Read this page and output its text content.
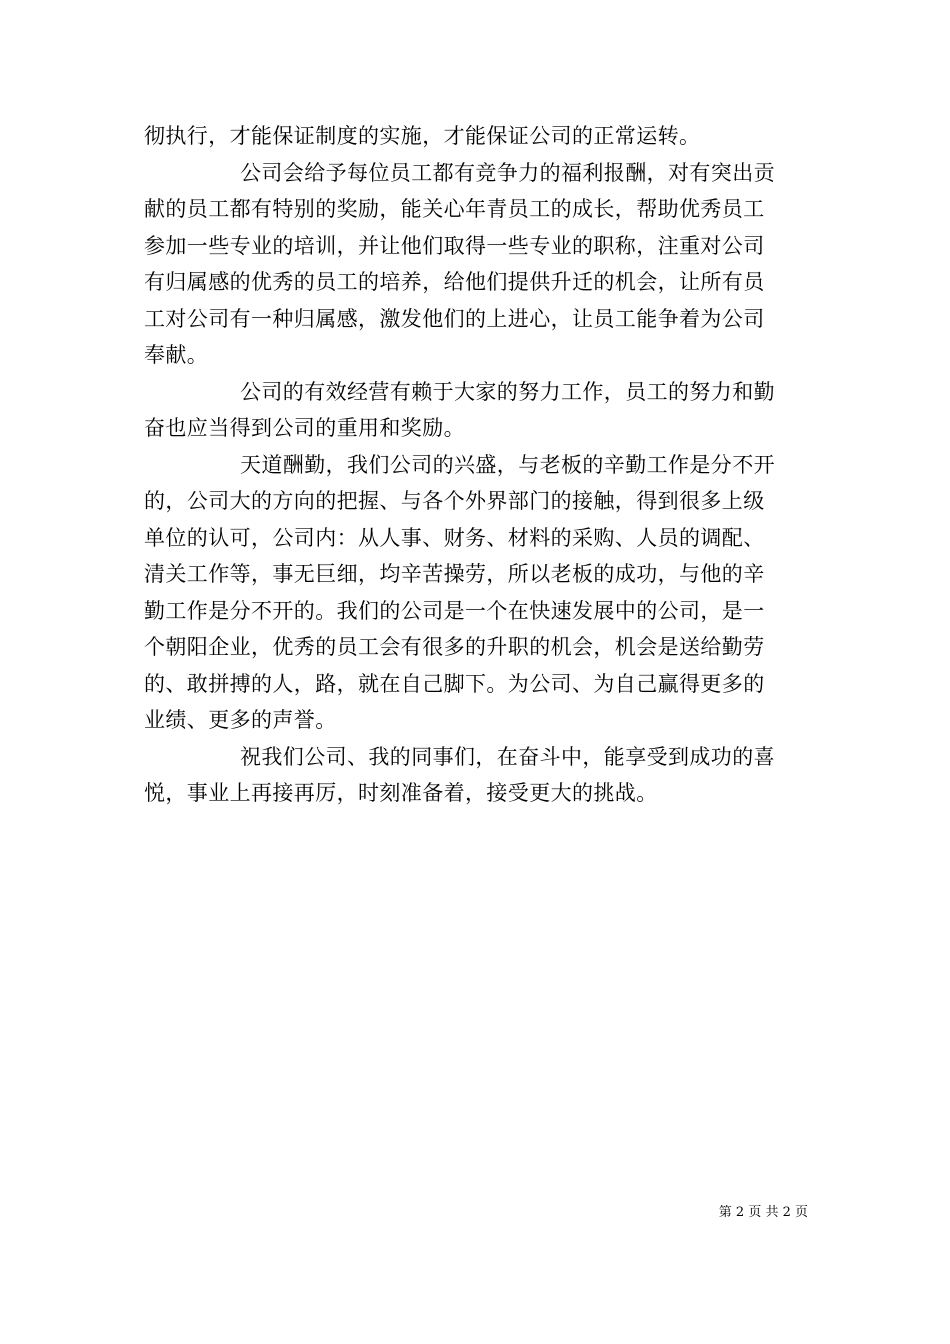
彻执行，才能保证制度的实施，才能保证公司的正常运转。
公司会给予每位员工都有竞争力的福利报酬，对有突出贡
献的员工都有特别的奖励，能关心年青员工的成长，帮助优秀员工
参加一些专业的培训，并让他们取得一些专业的职称，注重对公司
有归属感的优秀的员工的培养，给他们提供升迁的机会，让所有员
工对公司有一种归属感，激发他们的上进心，让员工能争着为公司
奉献。
公司的有效经营有赖于大家的努力工作，员工的努力和勤
奋也应当得到公司的重用和奖励。
天道酬勤，我们公司的兴盛，与老板的辛勤工作是分不开
的，公司大的方向的把握、与各个外界部门的接触，得到很多上级
单位的认可，公司内：从人事、财务、材料的采购、人员的调配、
清关工作等，事无巨细，均辛苦操劳，所以老板的成功，与他的辛
勤工作是分不开的。我们的公司是一个在快速发展中的公司，是一
个朝阳企业，优秀的员工会有很多的升职的机会，机会是送给勤劳
的、敢拼搏的人，路，就在自己脚下。为公司、为自己赢得更多的
业绩、更多的声誉。
祝我们公司、我的同事们，在奋斗中，能享受到成功的喜
悦，事业上再接再厉，时刻准备着，接受更大的挑战。
第 2 页 共 2 页
